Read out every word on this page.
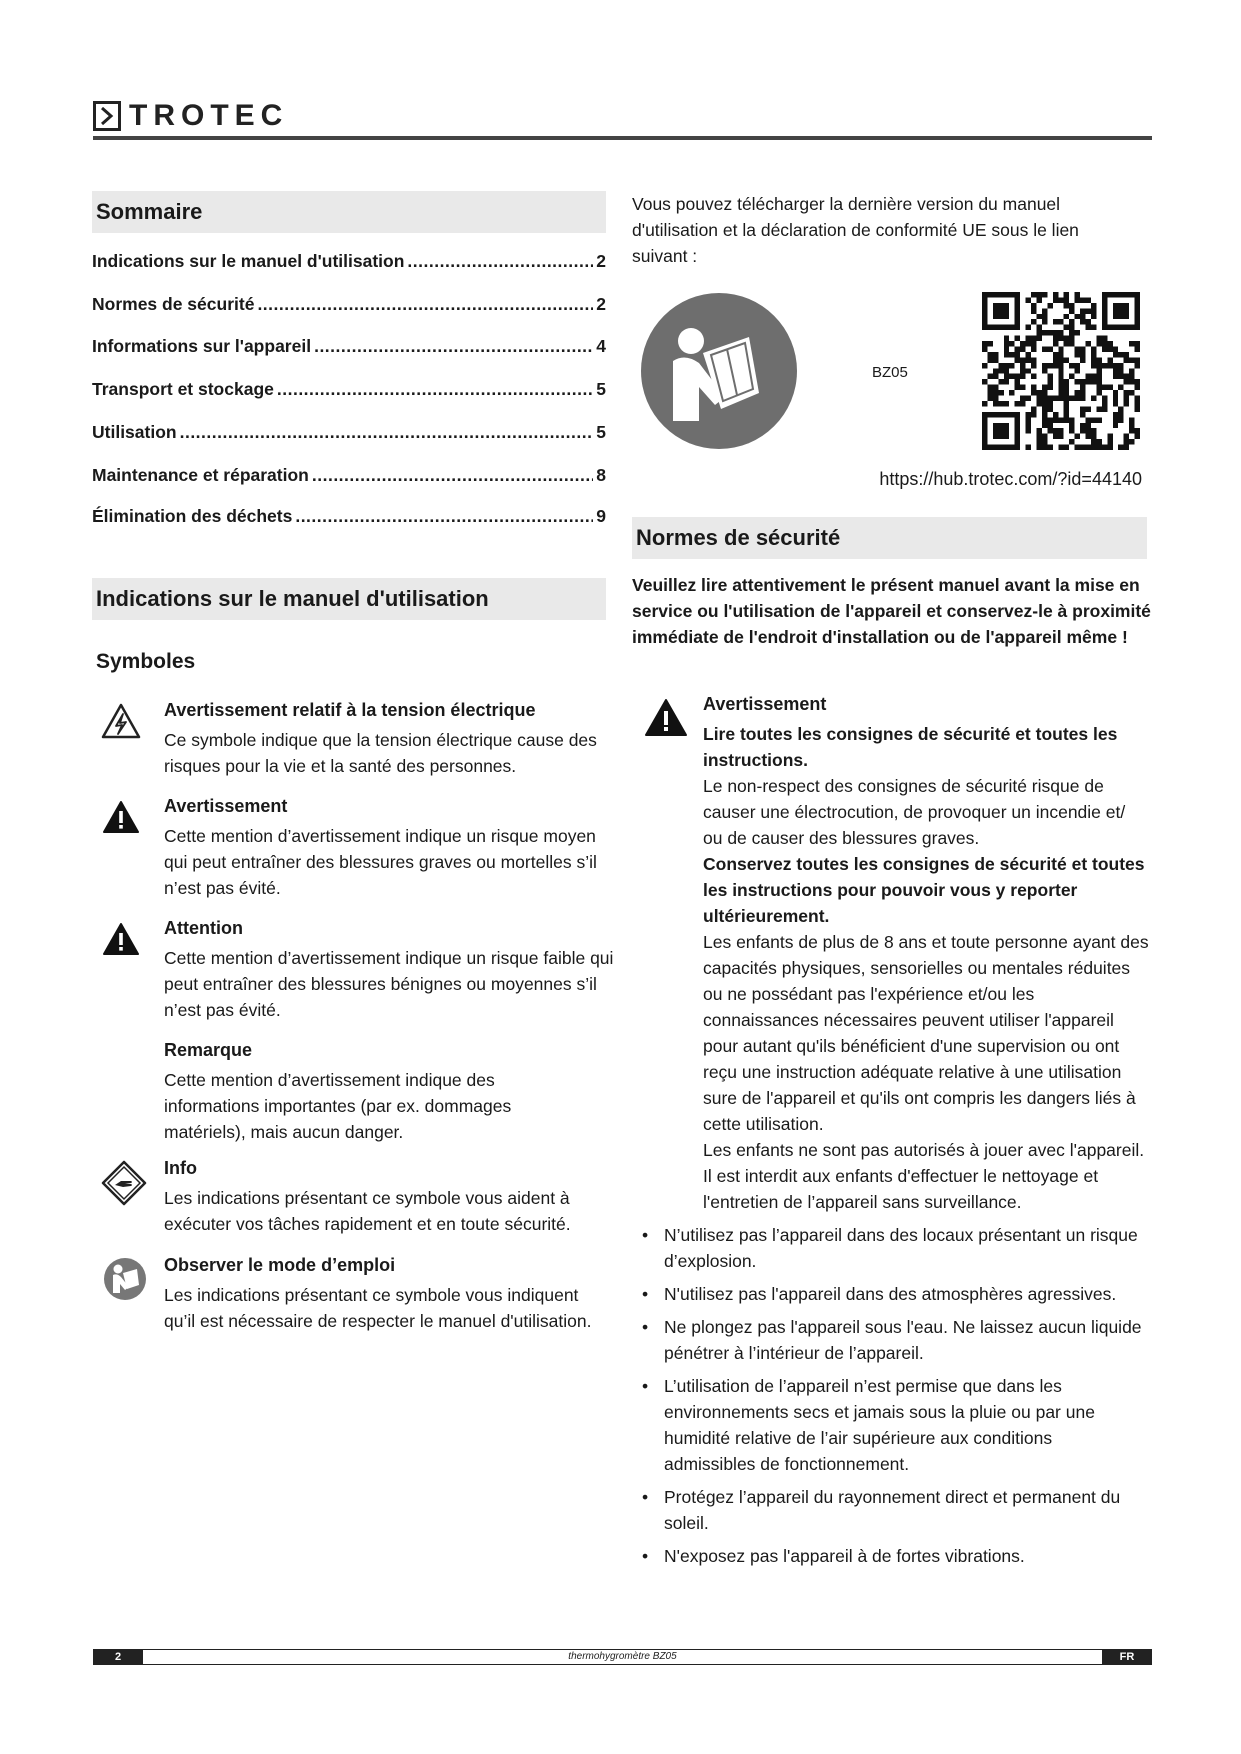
TROTEC
Sommaire
Indications sur le manuel d'utilisation .....	2
Normes de sécurité .....	2
Informations sur l'appareil .....	4
Transport et stockage .....	5
Utilisation .....	5
Maintenance et réparation .....	8
Élimination des déchets .....	9
Indications sur le manuel d'utilisation
Symboles
Avertissement relatif à la tension électrique
Ce symbole indique que la tension électrique cause des risques pour la vie et la santé des personnes.
Avertissement
Cette mention d’avertissement indique un risque moyen qui peut entraîner des blessures graves ou mortelles s’il n’est pas évité.
Attention
Cette mention d’avertissement indique un risque faible qui peut entraîner des blessures bénignes ou moyennes s’il n’est pas évité.
Remarque
Cette mention d’avertissement indique des informations importantes (par ex. dommages matériels), mais aucun danger.
Info
Les indications présentant ce symbole vous aident à exécuter vos tâches rapidement et en toute sécurité.
Observer le mode d’emploi
Les indications présentant ce symbole vous indiquent qu’il est nécessaire de respecter le manuel d'utilisation.
Vous pouvez télécharger la dernière version du manuel d'utilisation et la déclaration de conformité UE sous le lien suivant :
BZ05
https://hub.trotec.com/?id=44140
Normes de sécurité
Veuillez lire attentivement le présent manuel avant la mise en service ou l'utilisation de l'appareil et conservez-le à proximité immédiate de l'endroit d'installation ou de l'appareil même !
Avertissement
Lire toutes les consignes de sécurité et toutes les instructions.
Le non-respect des consignes de sécurité risque de causer une électrocution, de provoquer un incendie et/ ou de causer des blessures graves.
Conservez toutes les consignes de sécurité et toutes les instructions pour pouvoir vous y reporter ultérieurement.
Les enfants de plus de 8 ans et toute personne ayant des capacités physiques, sensorielles ou mentales réduites ou ne possédant pas l'expérience et/ou les connaissances nécessaires peuvent utiliser l'appareil pour autant qu'ils bénéficient d'une supervision ou ont reçu une instruction adéquate relative à une utilisation sure de l'appareil et qu'ils ont compris les dangers liés à cette utilisation.
Les enfants ne sont pas autorisés à jouer avec l'appareil. Il est interdit aux enfants d'effectuer le nettoyage et l'entretien de l’appareil sans surveillance.
• N’utilisez pas l’appareil dans des locaux présentant un risque d’explosion.
• N'utilisez pas l'appareil dans des atmosphères agressives.
• Ne plongez pas l'appareil sous l'eau. Ne laissez aucun liquide pénétrer à l’intérieur de l’appareil.
• L’utilisation de l’appareil n’est permise que dans les environnements secs et jamais sous la pluie ou par une humidité relative de l’air supérieure aux conditions admissibles de fonctionnement.
• Protégez l’appareil du rayonnement direct et permanent du soleil.
• N'exposez pas l'appareil à de fortes vibrations.
2	thermohygromètre BZ05	FR
